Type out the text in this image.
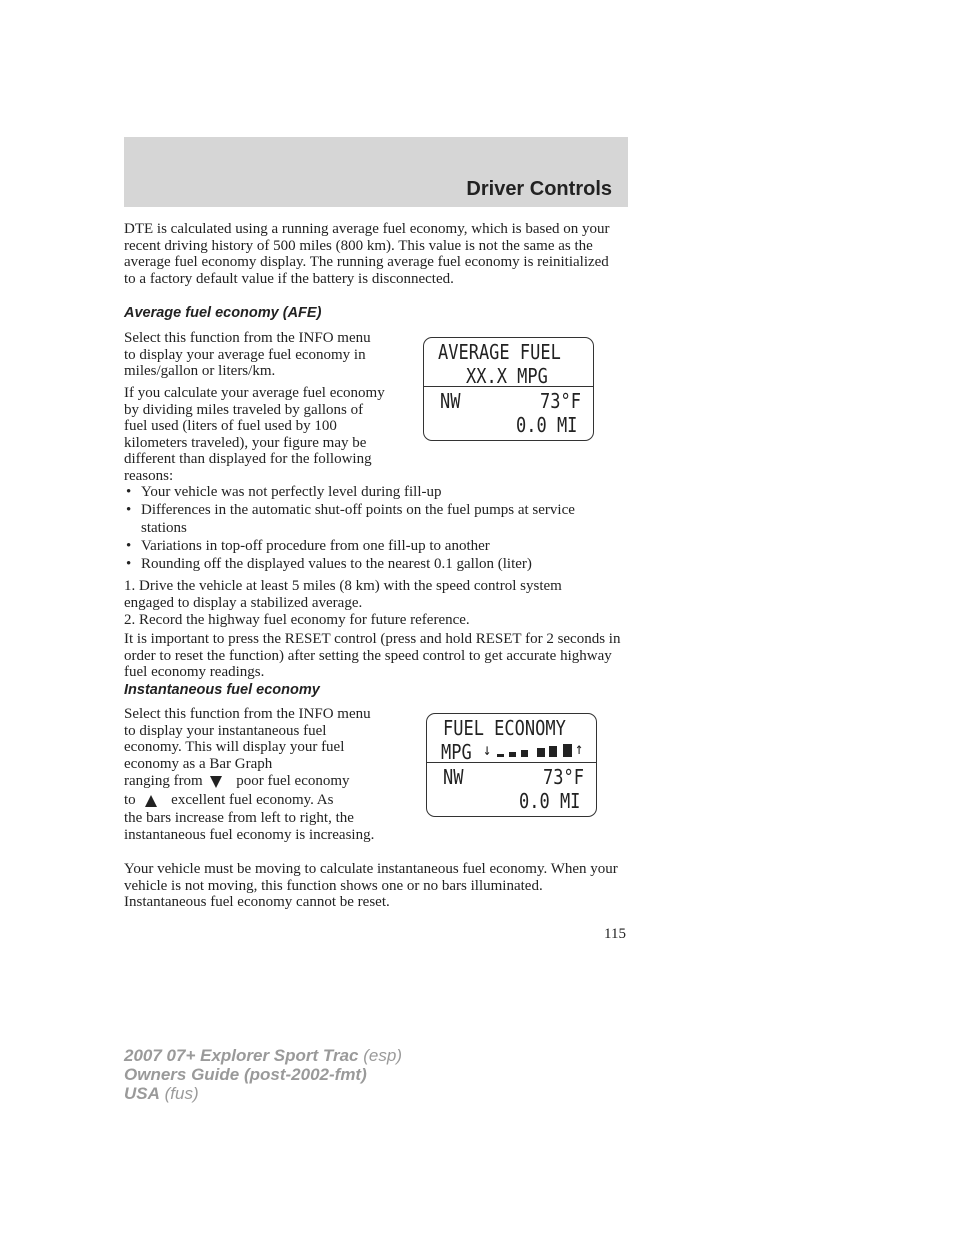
Driver Controls

DTE is calculated using a running average fuel economy, which is based on your recent driving history of 500 miles (800 km). This value is not the same as the average fuel economy display. The running average fuel economy is reinitialized to a factory default value if the battery is disconnected.

Average fuel economy (AFE)

Select this function from the INFO menu to display your average fuel economy in miles/gallon or liters/km.

If you calculate your average fuel economy by dividing miles traveled by gallons of fuel used (liters of fuel used by 100 kilometers traveled), your figure may be different than displayed for the following reasons:

AVERAGE FUEL
XX.X MPG
NW	73°F
0.0 MI
• Your vehicle was not perfectly level during fill-up
• Differences in the automatic shut-off points on the fuel pumps at service stations
• Variations in top-off procedure from one fill-up to another
• Rounding off the displayed values to the nearest 0.1 gallon (liter)

1. Drive the vehicle at least 5 miles (8 km) with the speed control system engaged to display a stabilized average.

2. Record the highway fuel economy for future reference.

It is important to press the RESET control (press and hold RESET for 2 seconds in order to reset the function) after setting the speed control to get accurate highway fuel economy readings.

Instantaneous fuel economy

Select this function from the INFO menu to display your instantaneous fuel economy. This will display your fuel economy as a Bar Graph

ranging from poor fuel economy
to excellent fuel economy. As

the bars increase from left to right, the instantaneous fuel economy is increasing.

FUEL ECONOMY
MPG ↓	↑
NW	73°F
0.0 MI

Your vehicle must be moving to calculate instantaneous fuel economy. When your vehicle is not moving, this function shows one or no bars illuminated. Instantaneous fuel economy cannot be reset.

115
2007 07+ Explorer Sport Trac (esp)
Owners Guide (post-2002-fmt)
USA (fus)
